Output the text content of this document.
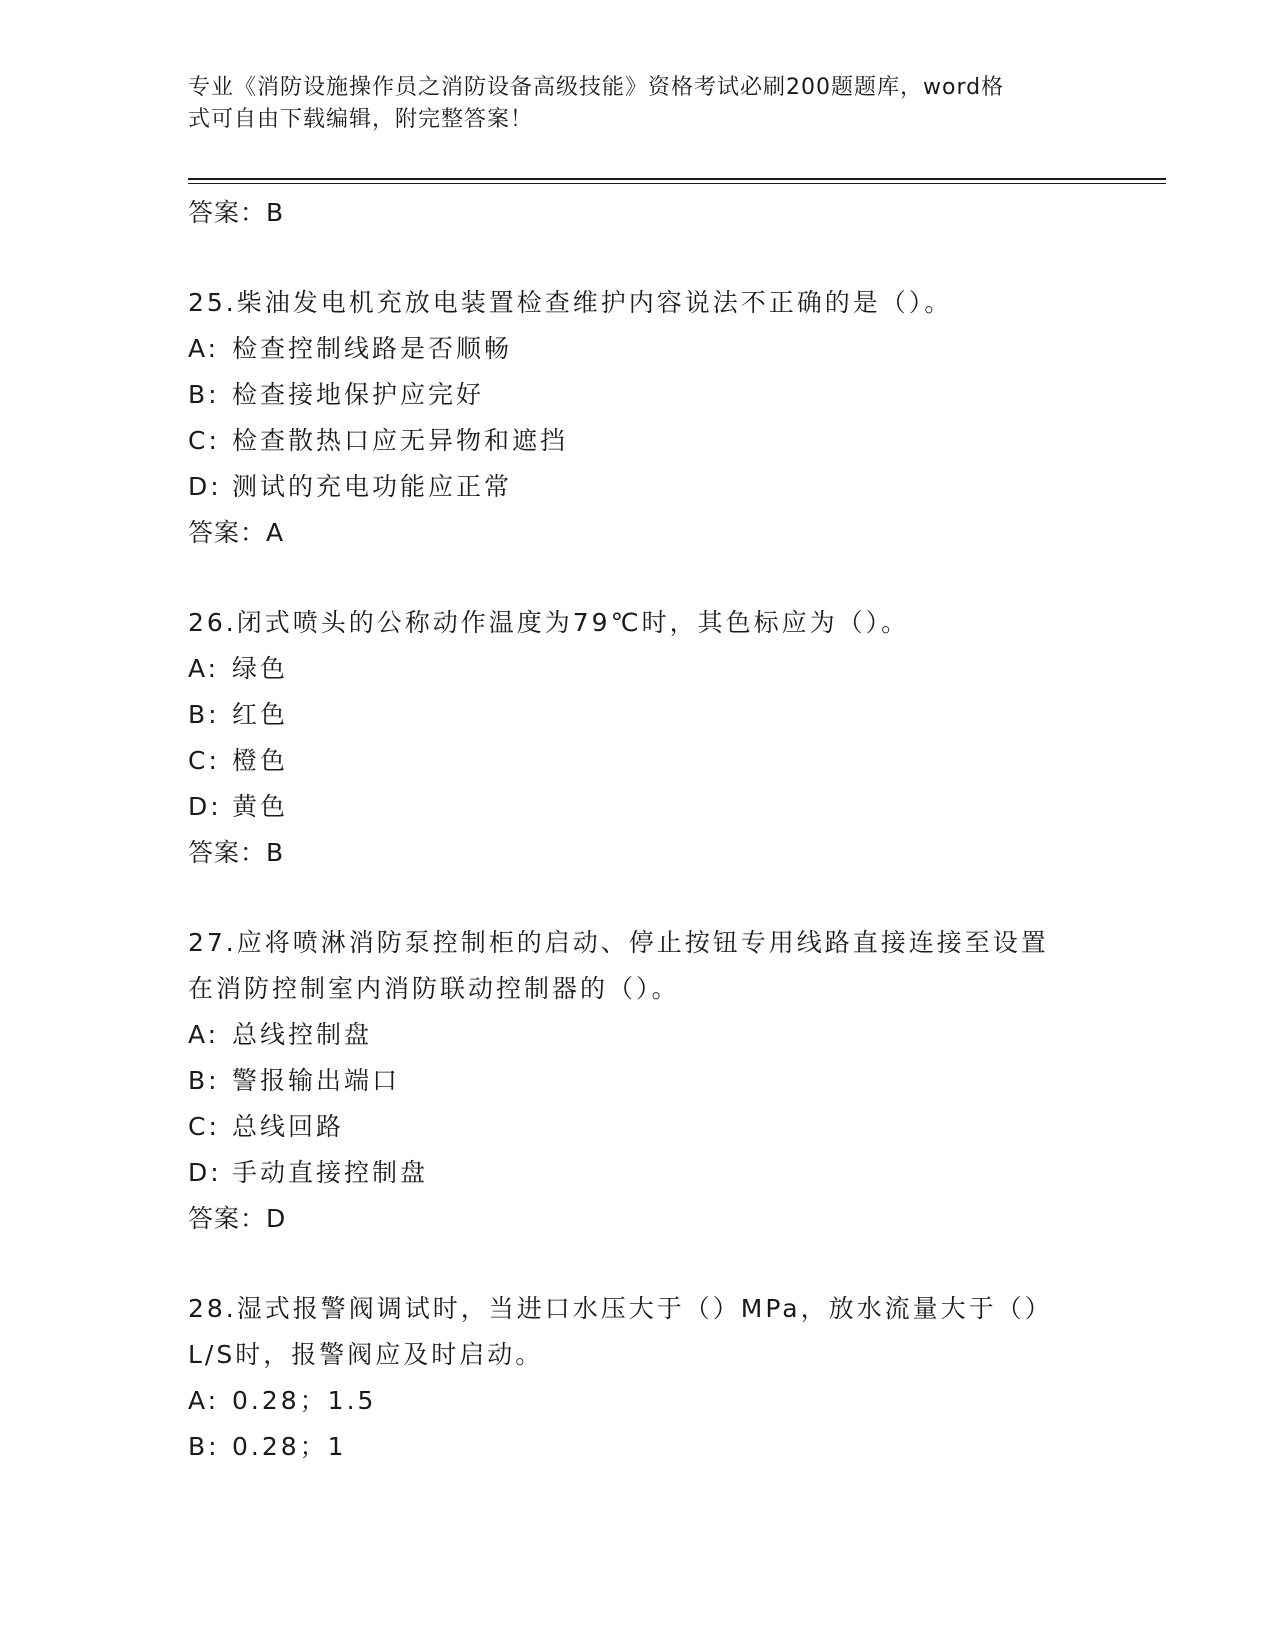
专业《消防设施操作员之消防设备高级技能》资格考试必刷200题题库，word格
式可自由下载编辑，附完整答案！

答案：B

25.柴油发电机充放电装置检查维护内容说法不正确的是（）。

A: 检查控制线路是否顺畅

B: 检查接地保护应完好

C: 检查散热口应无异物和遮挡

D: 测试的充电功能应正常

答案：A

26.闭式喷头的公称动作温度为79℃时，其色标应为（）。

A: 绿色

B: 红色

C: 橙色

D: 黄色

答案：B

27.应将喷淋消防泵控制柜的启动、停止按钮专用线路直接连接至设置
在消防控制室内消防联动控制器的（）。

A: 总线控制盘

B: 警报输出端口

C: 总线回路

D: 手动直接控制盘

答案：D

28.湿式报警阀调试时，当进口水压大于（）MPa，放水流量大于（）
L/S时，报警阀应及时启动。

A: 0.28；1.5

B: 0.28；1
